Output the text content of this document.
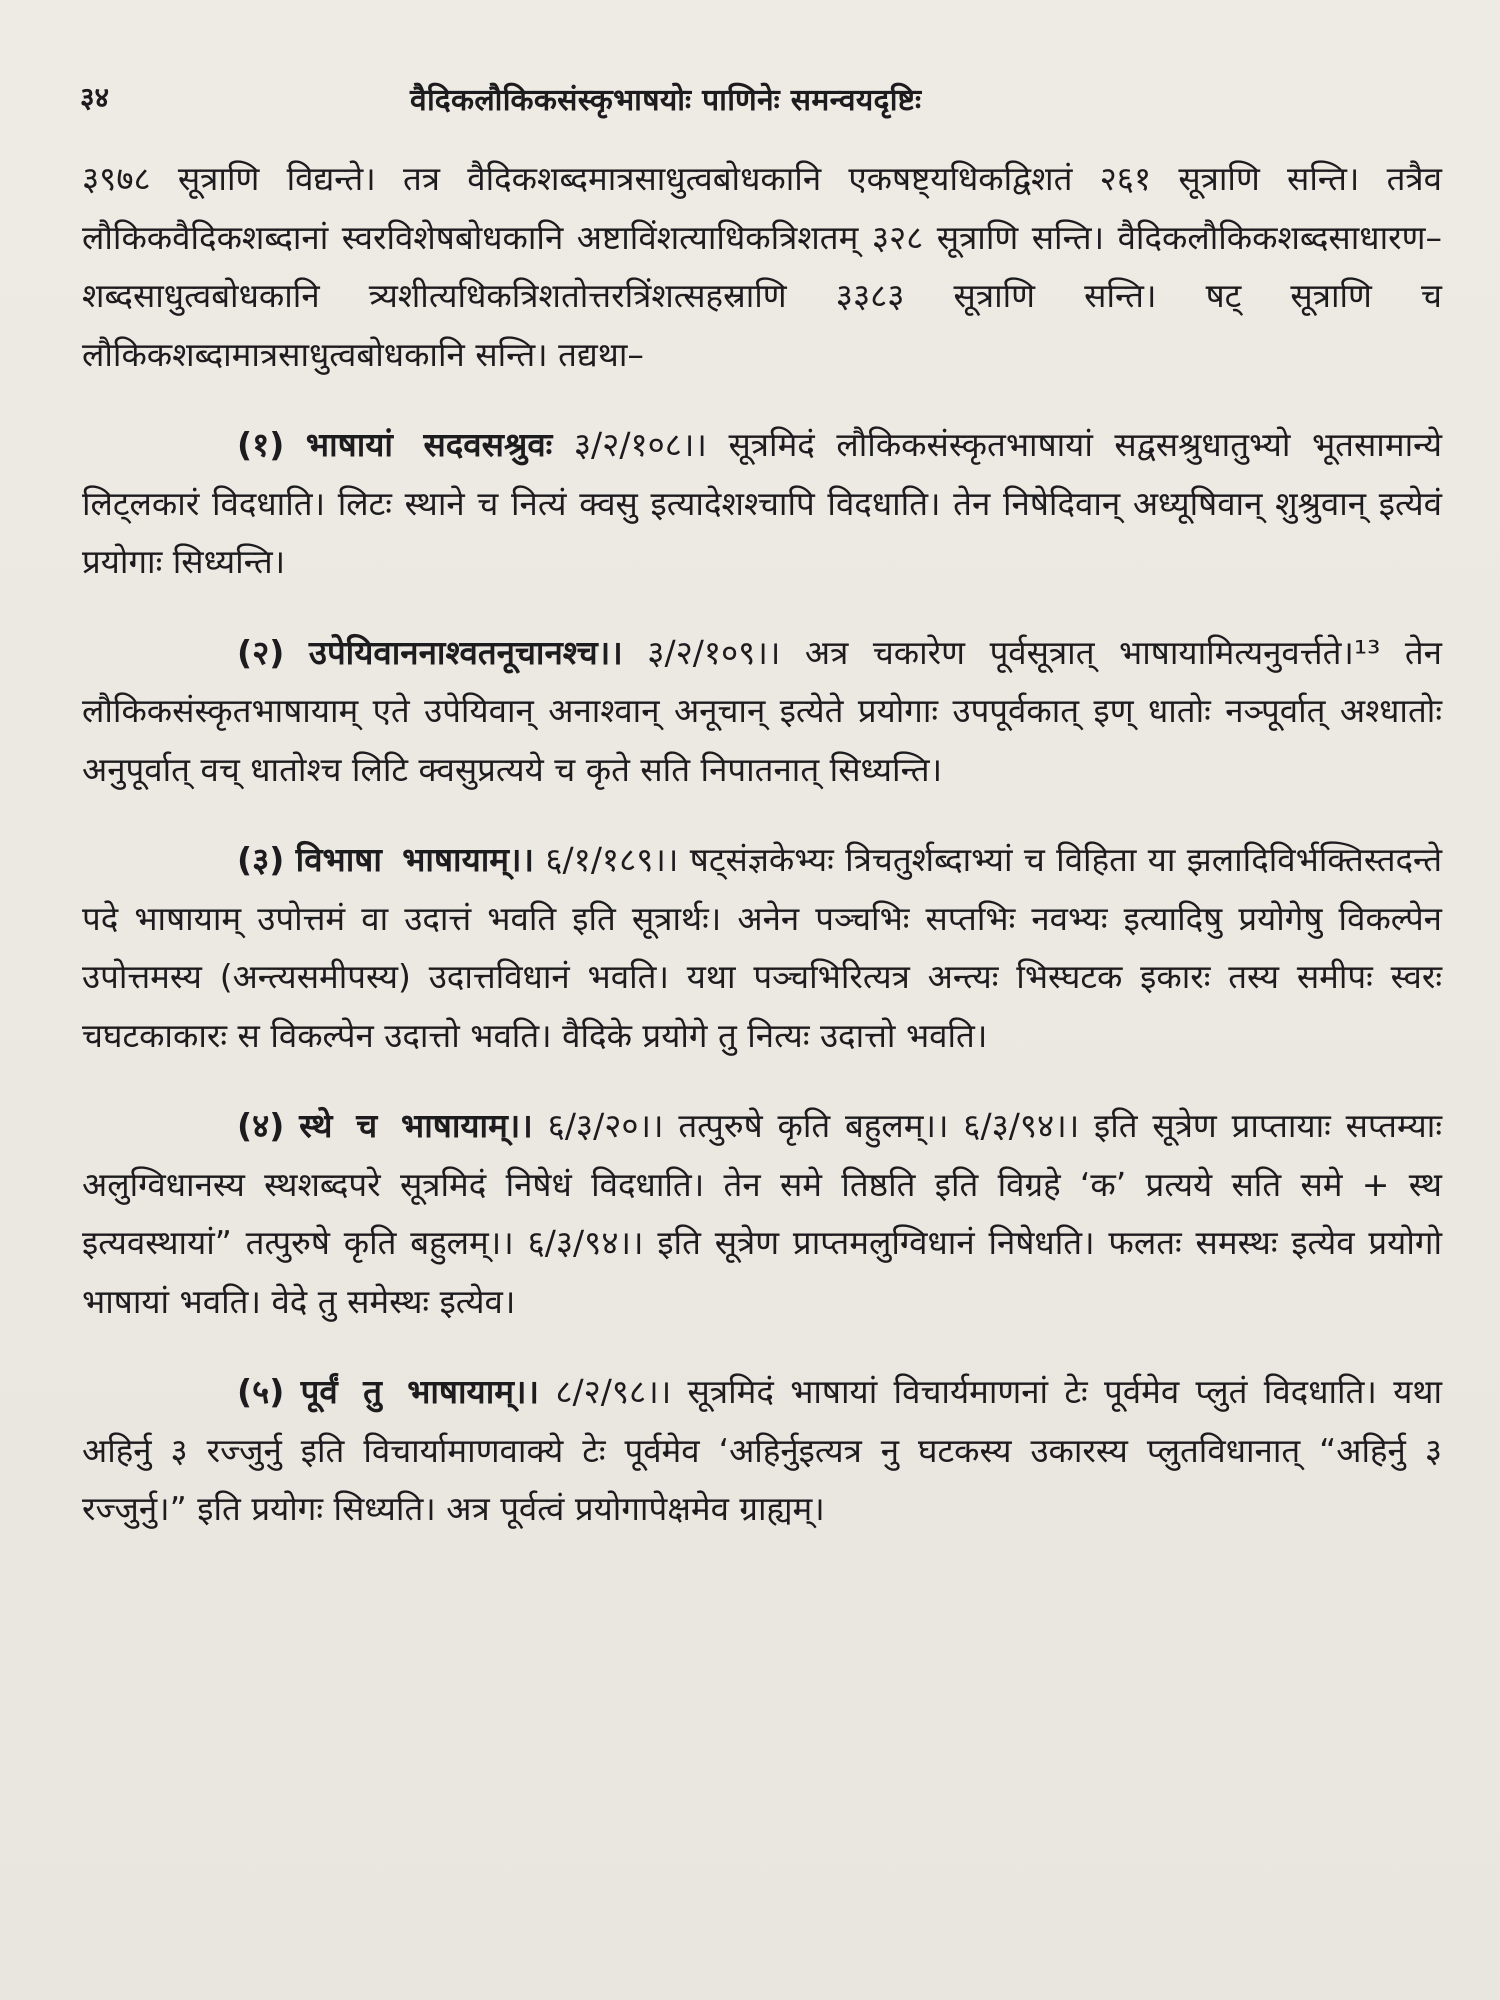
३४	वैदिकलौकिकसंस्कृभाषयोः पाणिनेः समन्वयदृष्टिः

३९७८ सूत्राणि विद्यन्ते। तत्र वैदिकशब्दमात्रसाधुत्वबोधकानि एकषष्ट्यधिकद्विशतं २६१ सूत्राणि सन्ति। तत्रैव लौकिकवैदिकशब्दानां स्वरविशेषबोधकानि अष्टाविंशत्याधिकत्रिशतम् ३२८ सूत्राणि सन्ति। वैदिकलौकिकशब्दसाधारण–शब्दसाधुत्वबोधकानि त्र्यशीत्यधिकत्रिशतोत्तरत्रिंशत्सहस्राणि ३३८३ सूत्राणि सन्ति। षट् सूत्राणि च लौकिकशब्दामात्रसाधुत्वबोधकानि सन्ति। तद्यथा–

(१) भाषायां सदवसश्रुवः ३/२/१०८।। सूत्रमिदं लौकिकसंस्कृतभाषायां सद्वसश्रुधातुभ्यो भूतसामान्ये लिट्लकारं विदधाति। लिटः स्थाने च नित्यं क्वसु इत्यादेशश्चापि विदधाति। तेन निषेदिवान् अध्यूषिवान् शुश्रुवान् इत्येवं प्रयोगाः सिध्यन्ति।

(२) उपेयिवाननाश्वतनूचानश्च।। ३/२/१०९।। अत्र चकारेण पूर्वसूत्रात् भाषायामित्यनुवर्त्तते।¹³ तेन लौकिकसंस्कृतभाषायाम् एते उपेयिवान् अनाश्वान् अनूचान् इत्येते प्रयोगाः उपपूर्वकात् इण् धातोः नञ्पूर्वात् अश्धातोः अनुपूर्वात् वच् धातोश्च लिटि क्वसुप्रत्यये च कृते सति निपातनात् सिध्यन्ति।

(३) विभाषा भाषायाम्।। ६/१/१८९।। षट्संज्ञकेभ्यः त्रिचतुर्शब्दाभ्यां च विहिता या झलादिविर्भक्तिस्तदन्ते पदे भाषायाम् उपोत्तमं वा उदात्तं भवति इति सूत्रार्थः। अनेन पञ्चभिः सप्तभिः नवभ्यः इत्यादिषु प्रयोगेषु विकल्पेन उपोत्तमस्य (अन्त्यसमीपस्य) उदात्तविधानं भवति। यथा पञ्चभिरित्यत्र अन्त्यः भिस्घटक इकारः तस्य समीपः स्वरः चघटकाकारः स विकल्पेन उदात्तो भवति। वैदिके प्रयोगे तु नित्यः उदात्तो भवति।

(४) स्थे च भाषायाम्।। ६/३/२०।। तत्पुरुषे कृति बहुलम्।। ६/३/९४।। इति सूत्रेण प्राप्तायाः सप्तम्याः अलुग्विधानस्य स्थशब्दपरे सूत्रमिदं निषेधं विदधाति। तेन समे तिष्ठति इति विग्रहे ‘क’ प्रत्यये सति समे + स्थ इत्यवस्थायां” तत्पुरुषे कृति बहुलम्।। ६/३/९४।। इति सूत्रेण प्राप्तमलुग्विधानं निषेधति। फलतः समस्थः इत्येव प्रयोगो भाषायां भवति। वेदे तु समेस्थः इत्येव।

(५) पूर्वं तु भाषायाम्।। ८/२/९८।। सूत्रमिदं भाषायां विचार्यमाणनां टेः पूर्वमेव प्लुतं विदधाति। यथा अहिर्नु ३ रज्जुर्नु इति विचार्यामाणवाक्ये टेः पूर्वमेव ‘अहिर्नुइत्यत्र नु घटकस्य उकारस्य प्लुतविधानात् “अहिर्नु ३ रज्जुर्नु।” इति प्रयोगः सिध्यति। अत्र पूर्वत्वं प्रयोगापेक्षमेव ग्राह्यम्।
